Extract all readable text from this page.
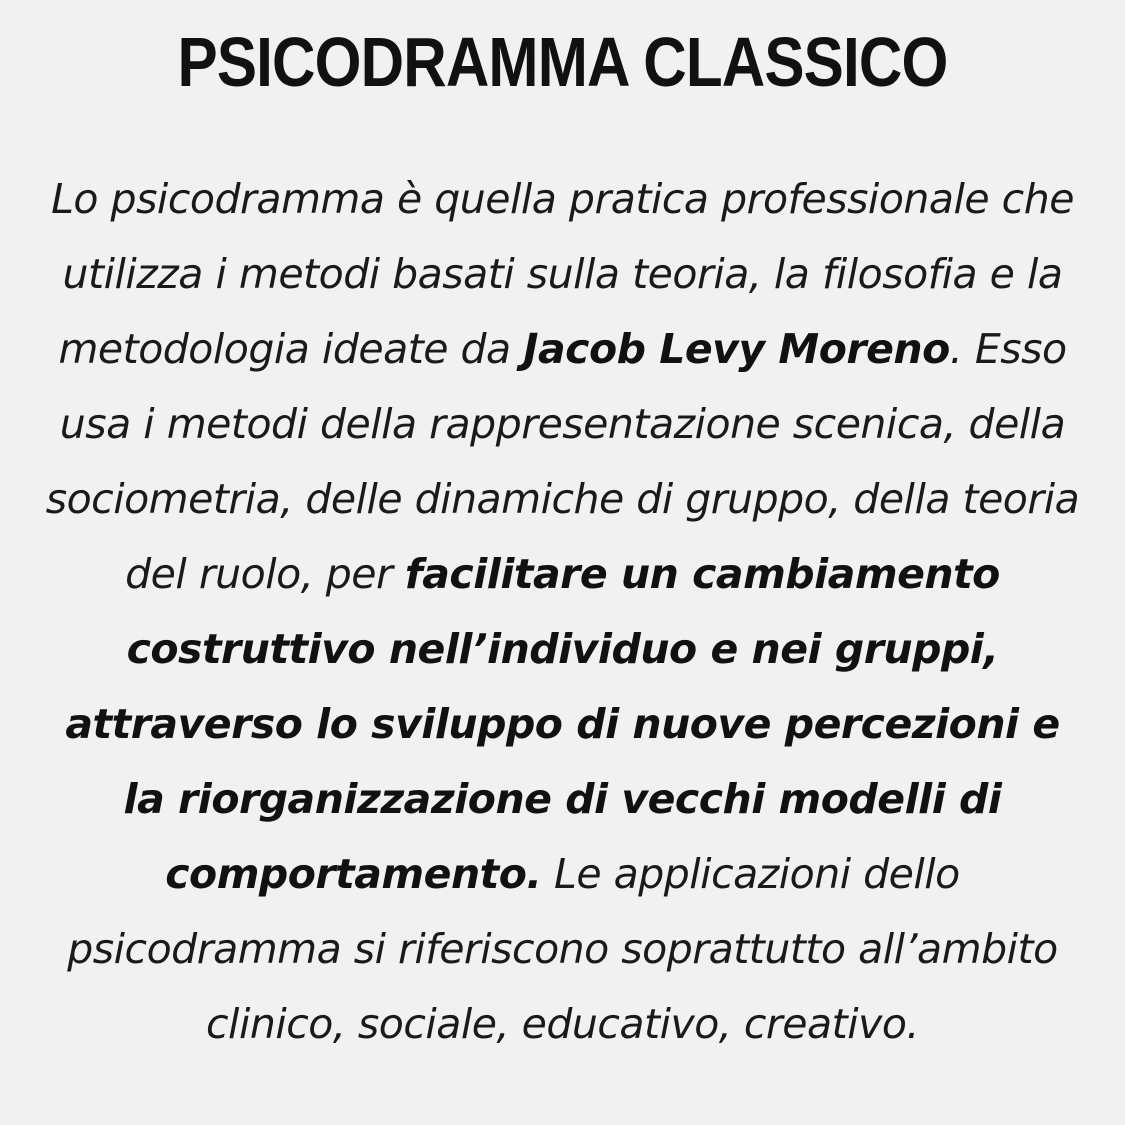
PSICODRAMMA CLASSICO

Lo psicodramma è quella pratica professionale che utilizza i metodi basati sulla teoria, la filosofia e la metodologia ideate da Jacob Levy Moreno. Esso usa i metodi della rappresentazione scenica, della sociometria, delle dinamiche di gruppo, della teoria del ruolo, per facilitare un cambiamento costruttivo nell’individuo e nei gruppi, attraverso lo sviluppo di nuove percezioni e la riorganizzazione di vecchi modelli di comportamento. Le applicazioni dello psicodramma si riferiscono soprattutto all’ambito clinico, sociale, educativo, creativo.
